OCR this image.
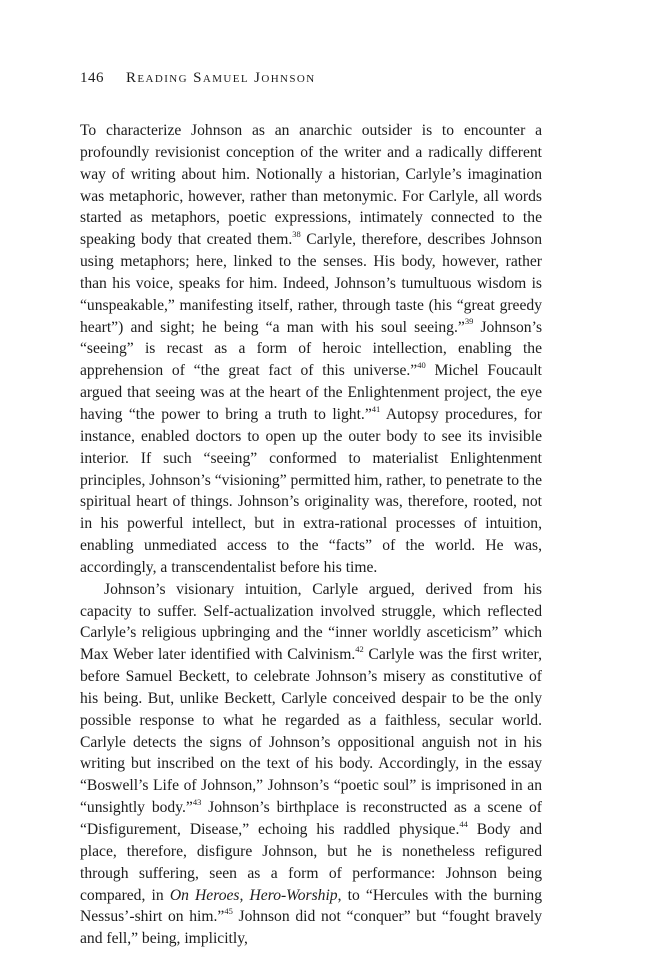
146 Reading Samuel Johnson

To characterize Johnson as an anarchic outsider is to encounter a profoundly revisionist conception of the writer and a radically different way of writing about him. Notionally a historian, Carlyle’s imagination was metaphoric, however, rather than metonymic. For Carlyle, all words started as metaphors, poetic expressions, intimately connected to the speaking body that created them.$^{38}$ Carlyle, therefore, describes Johnson using metaphors; here, linked to the senses. His body, however, rather than his voice, speaks for him. Indeed, Johnson’s tumultuous wisdom is “unspeakable,” manifesting itself, rather, through taste (his “great greedy heart”) and sight; he being “a man with his soul seeing.”$^{39}$ Johnson’s “seeing” is recast as a form of heroic intellection, enabling the apprehension of “the great fact of this universe.”$^{40}$ Michel Foucault argued that seeing was at the heart of the Enlightenment project, the eye having “the power to bring a truth to light.”$^{41}$ Autopsy procedures, for instance, enabled doctors to open up the outer body to see its invisible interior. If such “seeing” conformed to materialist Enlightenment principles, Johnson’s “visioning” permitted him, rather, to penetrate to the spiritual heart of things. Johnson’s originality was, therefore, rooted, not in his powerful intellect, but in extra-rational processes of intuition, enabling unmediated access to the “facts” of the world. He was, accordingly, a transcendentalist before his time.

Johnson’s visionary intuition, Carlyle argued, derived from his capacity to suffer. Self-actualization involved struggle, which reflected Carlyle’s religious upbringing and the “inner worldly asceticism” which Max Weber later identified with Calvinism.$^{42}$ Carlyle was the first writer, before Samuel Beckett, to celebrate Johnson’s misery as constitutive of his being. But, unlike Beckett, Carlyle conceived despair to be the only possible response to what he regarded as a faithless, secular world. Carlyle detects the signs of Johnson’s oppositional anguish not in his writing but inscribed on the text of his body. Accordingly, in the essay “Boswell’s Life of Johnson,” Johnson’s “poetic soul” is imprisoned in an “unsightly body.”$^{43}$ Johnson’s birthplace is reconstructed as a scene of “Disfigurement, Disease,” echoing his raddled physique.$^{44}$ Body and place, therefore, disfigure Johnson, but he is nonetheless refigured through suffering, seen as a form of performance: Johnson being compared, in On Heroes, Hero-Worship, to “Hercules with the burning Nessus’-shirt on him.”$^{45}$ Johnson did not “conquer” but “fought bravely and fell,” being, implicitly,
